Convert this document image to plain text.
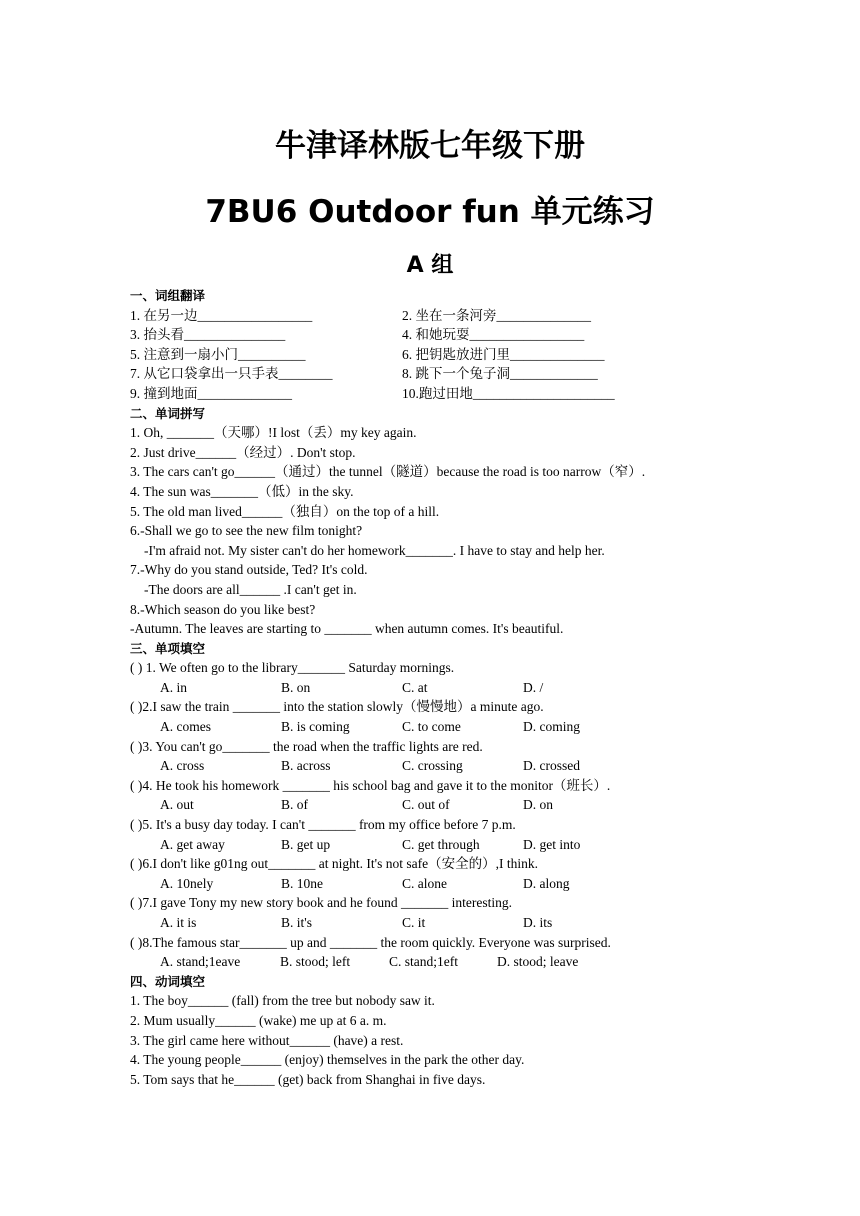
牛津译林版七年级下册
7BU6 Outdoor fun 单元练习
A 组
一、词组翻译
1. 在另一边_________________	2. 坐在一条河旁______________
3. 抬头看_______________	4. 和她玩耍_________________
5. 注意到一扇小门__________	6. 把钥匙放进门里______________
7. 从它口袋拿出一只手表________	8. 跳下一个兔子洞_____________
9. 撞到地面______________	10.跑过田地_____________________
二、单词拼写
1. Oh, _______（天哪）!I lost（丢）my key again.
2. Just drive______（经过）. Don't stop.
3. The cars can't go______（通过）the tunnel（隧道）because the road is too narrow（窄）.
4. The sun was_______（低）in the sky.
5. The old man lived______（独自）on the top of a hill.
6.-Shall we go to see the new film tonight?
-I'm afraid not. My sister can't do her homework_______. I have to stay and help her.
7.-Why do you stand outside, Ted? It's cold.
-The doors are all______ .I can't get in.
8.-Which season do you like best?
-Autumn. The leaves are starting to _______ when autumn comes. It's beautiful.
三、单项填空
( ) 1. We often go to the library_______ Saturday mornings.
A. in	B. on	C. at	D. /
( )2.I saw the train _______ into the station slowly（慢慢地）a minute ago.
A. comes	B. is coming	C. to come	D. coming
( )3. You can't go_______ the road when the traffic lights are red.
A. cross	B. across	C. crossing	D. crossed
( )4. He took his homework _______ his school bag and gave it to the monitor（班长）.
A. out	B. of	C. out of	D. on
( )5. It's a busy day today. I can't _______ from my office before 7 p.m.
A. get away	B. get up	C. get through	D. get into
( )6.I don't like g01ng out_______ at night. It's not safe（安全的）,I think.
A. 10nely	B. 10ne	C. alone	D. along
( )7.I gave Tony my new story book and he found _______ interesting.
A. it is	B. it's	C. it	D. its
( )8.The famous star_______ up and _______ the room quickly. Everyone was surprised.
A. stand;1eave	B. stood; left	C. stand;1eft	D. stood; leave
四、动词填空
1. The boy______ (fall) from the tree but nobody saw it.
2. Mum usually______ (wake) me up at 6 a. m.
3. The girl came here without______ (have) a rest.
4. The young people______ (enjoy) themselves in the park the other day.
5. Tom says that he______ (get) back from Shanghai in five days.
